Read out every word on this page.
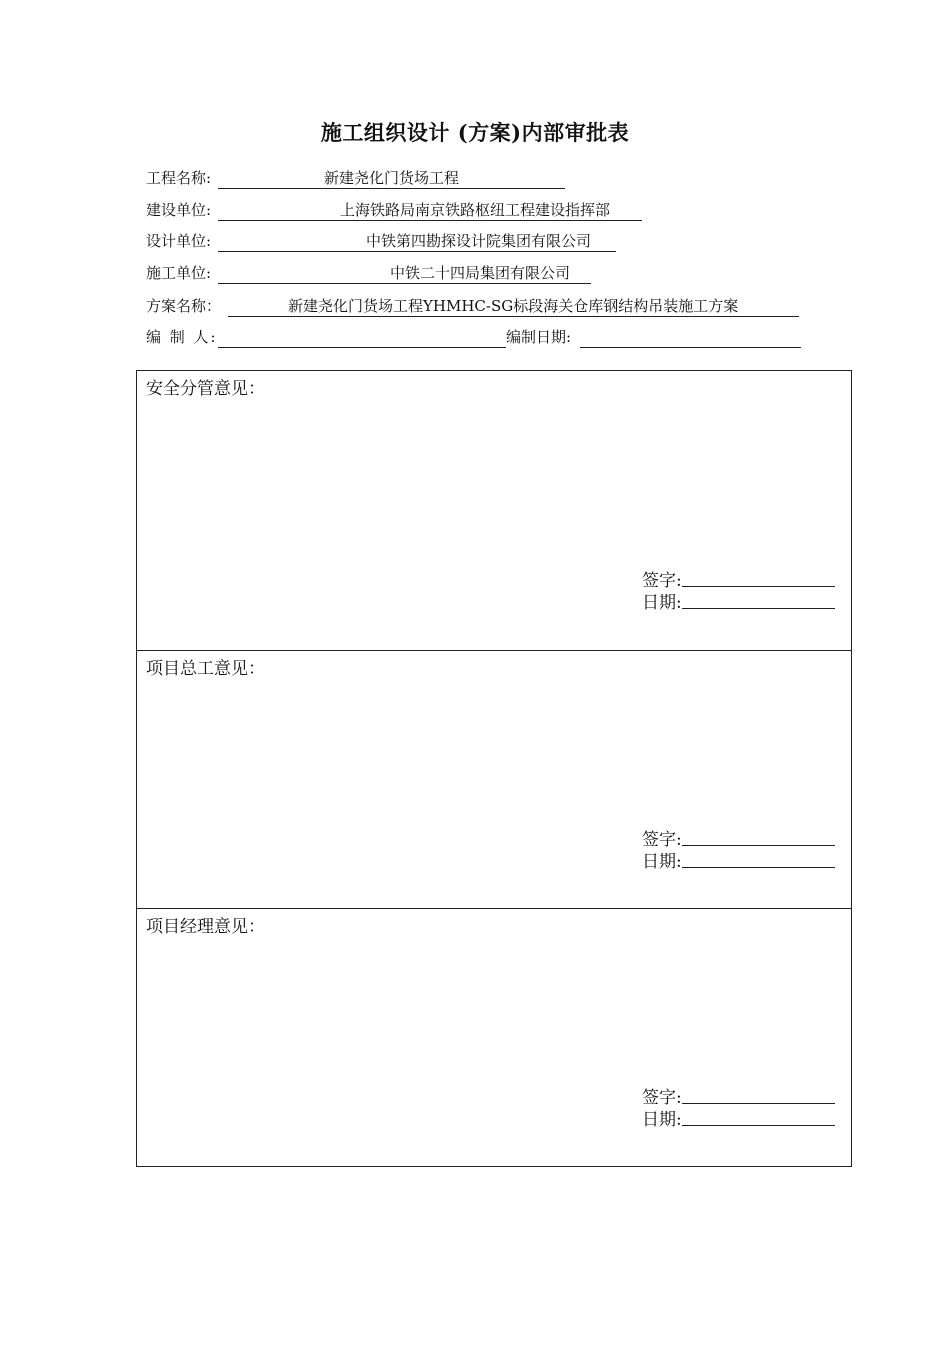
施工组织设计 (方案)内部审批表
工程名称:	新建尧化门货场工程
建设单位:	上海铁路局南京铁路枢纽工程建设指挥部
设计单位:	中铁第四勘探设计院集团有限公司
施工单位:	中铁二十四局集团有限公司
方案名称：	新建尧化门货场工程YHMHC-SG标段海关仓库钢结构吊装施工方案
编 制 人:	编制日期:
安全分管意见：
签字:
日期:
项目总工意见：
签字:
日期:
项目经理意见：
签字:
日期:
